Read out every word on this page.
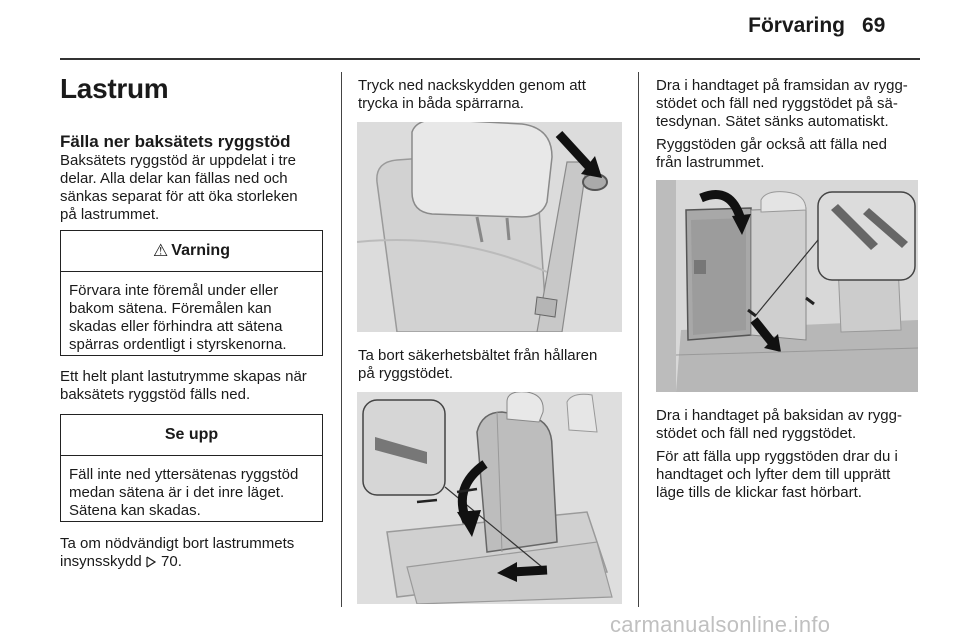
Förvaring 69
Lastrum
Fälla ner baksätets ryggstöd
Baksätets ryggstöd är uppdelat i tre
delar. Alla delar kan fällas ned och
sänkas separat för att öka storleken
på lastrummet.
⚠ Varning
Förvara inte föremål under eller
bakom sätena. Föremålen kan
skadas eller förhindra att sätena
spärras ordentligt i styrskenorna.
Ett helt plant lastutrymme skapas när
baksätets ryggstöd fälls ned.
Se upp
Fäll inte ned yttersätenas ryggstöd
medan sätena är i det inre läget.
Sätena kan skadas.
Ta om nödvändigt bort lastrummets
insynsskydd 70.
Tryck ned nackskydden genom att
trycka in båda spärrarna.
Ta bort säkerhetsbältet från hållaren
på ryggstödet.
Dra i handtaget på framsidan av rygg-
stödet och fäll ned ryggstödet på sä-
tesdynan. Sätet sänks automatiskt.
Ryggstöden går också att fälla ned
från lastrummet.
Dra i handtaget på baksidan av rygg-
stödet och fäll ned ryggstödet.
För att fälla upp ryggstöden drar du i
handtaget och lyfter dem till upprätt
läge tills de klickar fast hörbart.
carmanualsonline.info
